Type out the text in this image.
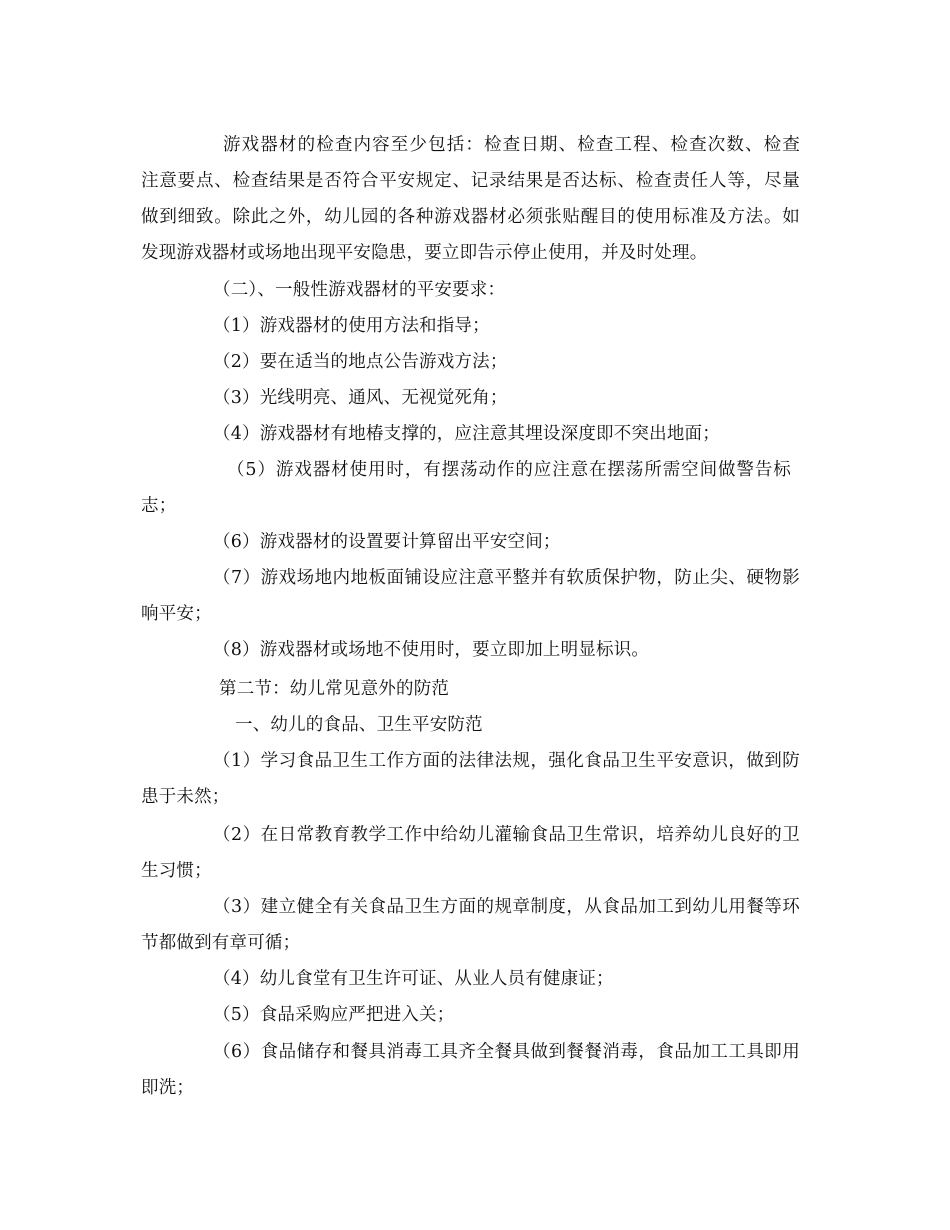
游戏器材的检查内容至少包括：检查日期、检查工程、检查次数、检查

注意要点、检查结果是否符合平安规定、记录结果是否达标、检查责任人等，尽量

做到细致。除此之外，幼儿园的各种游戏器材必须张贴醒目的使用标准及方法。如

发现游戏器材或场地出现平安隐患，要立即告示停止使用，并及时处理。

（二）、一般性游戏器材的平安要求：

（1）游戏器材的使用方法和指导；

（2）要在适当的地点公告游戏方法；

（3）光线明亮、通风、无视觉死角；

（4）游戏器材有地椿支撑的，应注意其埋设深度即不突出地面；

（5）游戏器材使用时，有摆荡动作的应注意在摆荡所需空间做警告标

志；

（6）游戏器材的设置要计算留出平安空间；

（7）游戏场地内地板面铺设应注意平整并有软质保护物，防止尖、硬物影

响平安；

（8）游戏器材或场地不使用时，要立即加上明显标识。

第二节：幼儿常见意外的防范

一、幼儿的食品、卫生平安防范

（1）学习食品卫生工作方面的法律法规，强化食品卫生平安意识，做到防

患于未然；

（2）在日常教育教学工作中给幼儿灌输食品卫生常识，培养幼儿良好的卫

生习惯；

（3）建立健全有关食品卫生方面的规章制度，从食品加工到幼儿用餐等环

节都做到有章可循；

（4）幼儿食堂有卫生许可证、从业人员有健康证；

（5）食品采购应严把进入关；

（6）食品储存和餐具消毒工具齐全餐具做到餐餐消毒，食品加工工具即用

即洗；
